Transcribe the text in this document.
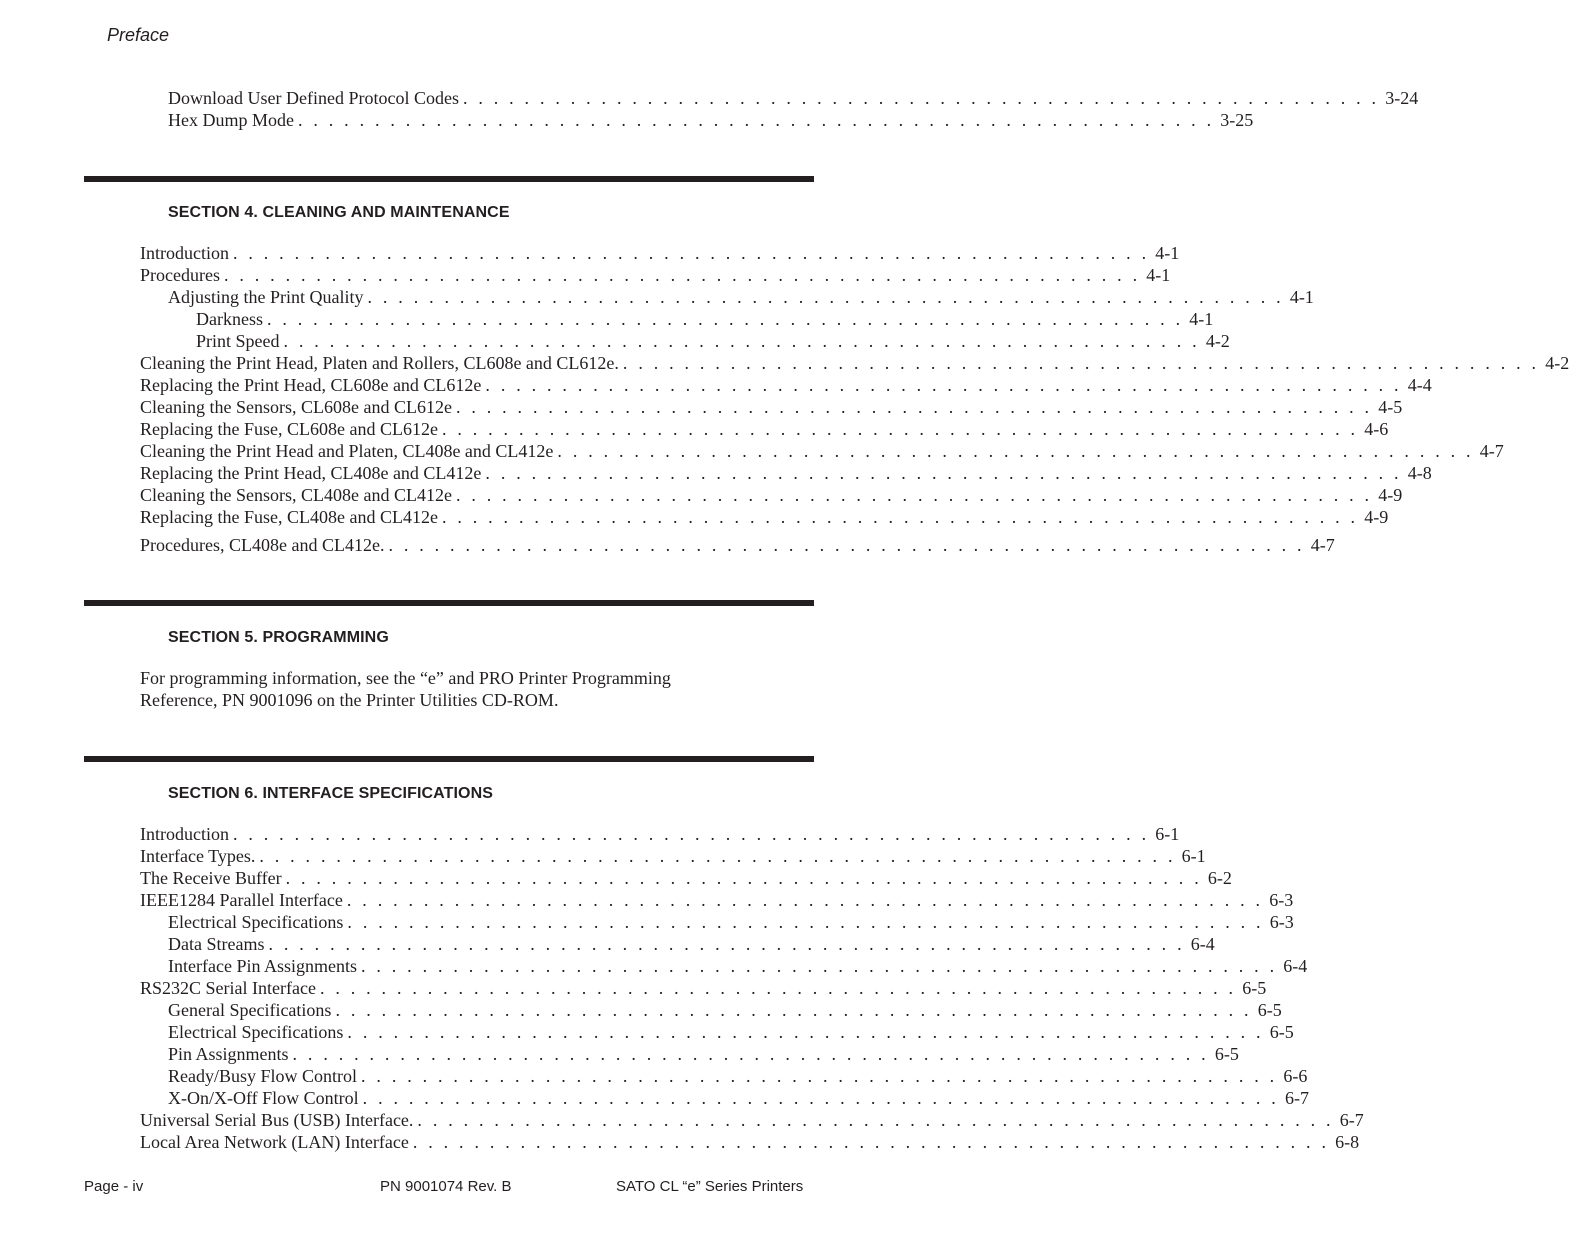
Preface
Download User Defined Protocol Codes . . . . . . . . . . . . . . . . . . . . . . . . . . . . . . . . . . . . . . . . . . . . . . . . . . . . . . . . . . . . 3-24
Hex Dump Mode . . . . . . . . . . . . . . . . . . . . . . . . . . . . . . . . . . . . . . . . . . . . . . . . . . . . . . . . . . . . 3-25
SECTION 4. CLEANING AND MAINTENANCE
Introduction . . . . . . . . . . . . . . . . . . . . . . . . . . . . . . . . . . . . . . . . . . . . . . . . . . . . . . . . . . . . 4-1
Procedures . . . . . . . . . . . . . . . . . . . . . . . . . . . . . . . . . . . . . . . . . . . . . . . . . . . . . . . . . . . . 4-1
Adjusting the Print Quality . . . . . . . . . . . . . . . . . . . . . . . . . . . . . . . . . . . . . . . . . . . . . . . . . . . . . . . . . . . . 4-1
Darkness . . . . . . . . . . . . . . . . . . . . . . . . . . . . . . . . . . . . . . . . . . . . . . . . . . . . . . . . . . . . 4-1
Print Speed . . . . . . . . . . . . . . . . . . . . . . . . . . . . . . . . . . . . . . . . . . . . . . . . . . . . . . . . . . . . 4-2
Cleaning the Print Head, Platen and Rollers, CL608e and CL612e. . . . . . . . . . . . . . . . . . . . . . . . . . . . . . . . . . . . . . . . . . . . . . . . . . . . . . . . . . . . . 4-2
Replacing the Print Head, CL608e and CL612e . . . . . . . . . . . . . . . . . . . . . . . . . . . . . . . . . . . . . . . . . . . . . . . . . . . . . . . . . . . . 4-4
Cleaning the Sensors, CL608e and CL612e . . . . . . . . . . . . . . . . . . . . . . . . . . . . . . . . . . . . . . . . . . . . . . . . . . . . . . . . . . . . 4-5
Replacing the Fuse, CL608e and CL612e . . . . . . . . . . . . . . . . . . . . . . . . . . . . . . . . . . . . . . . . . . . . . . . . . . . . . . . . . . . . 4-6
Cleaning the Print Head and Platen, CL408e and CL412e . . . . . . . . . . . . . . . . . . . . . . . . . . . . . . . . . . . . . . . . . . . . . . . . . . . . . . . . . . . . 4-7
Replacing the Print Head, CL408e and CL412e . . . . . . . . . . . . . . . . . . . . . . . . . . . . . . . . . . . . . . . . . . . . . . . . . . . . . . . . . . . . 4-8
Cleaning the Sensors, CL408e and CL412e . . . . . . . . . . . . . . . . . . . . . . . . . . . . . . . . . . . . . . . . . . . . . . . . . . . . . . . . . . . . 4-9
Replacing the Fuse, CL408e and CL412e . . . . . . . . . . . . . . . . . . . . . . . . . . . . . . . . . . . . . . . . . . . . . . . . . . . . . . . . . . . . 4-9
Procedures, CL408e and CL412e. . . . . . . . . . . . . . . . . . . . . . . . . . . . . . . . . . . . . . . . . . . . . . . . . . . . . . . . . . . . . 4-7
SECTION 5. PROGRAMMING
For programming information, see the “e” and PRO Printer Programming
Reference, PN 9001096 on the Printer Utilities CD-ROM.
SECTION 6. INTERFACE SPECIFICATIONS
Introduction . . . . . . . . . . . . . . . . . . . . . . . . . . . . . . . . . . . . . . . . . . . . . . . . . . . . . . . . . . . . 6-1
Interface Types. . . . . . . . . . . . . . . . . . . . . . . . . . . . . . . . . . . . . . . . . . . . . . . . . . . . . . . . . . . . . 6-1
The Receive Buffer . . . . . . . . . . . . . . . . . . . . . . . . . . . . . . . . . . . . . . . . . . . . . . . . . . . . . . . . . . . . 6-2
IEEE1284 Parallel Interface . . . . . . . . . . . . . . . . . . . . . . . . . . . . . . . . . . . . . . . . . . . . . . . . . . . . . . . . . . . . 6-3
Electrical Specifications . . . . . . . . . . . . . . . . . . . . . . . . . . . . . . . . . . . . . . . . . . . . . . . . . . . . . . . . . . . . 6-3
Data Streams . . . . . . . . . . . . . . . . . . . . . . . . . . . . . . . . . . . . . . . . . . . . . . . . . . . . . . . . . . . . 6-4
Interface Pin Assignments . . . . . . . . . . . . . . . . . . . . . . . . . . . . . . . . . . . . . . . . . . . . . . . . . . . . . . . . . . . . 6-4
RS232C Serial Interface . . . . . . . . . . . . . . . . . . . . . . . . . . . . . . . . . . . . . . . . . . . . . . . . . . . . . . . . . . . . 6-5
General Specifications . . . . . . . . . . . . . . . . . . . . . . . . . . . . . . . . . . . . . . . . . . . . . . . . . . . . . . . . . . . . 6-5
Electrical Specifications . . . . . . . . . . . . . . . . . . . . . . . . . . . . . . . . . . . . . . . . . . . . . . . . . . . . . . . . . . . . 6-5
Pin Assignments . . . . . . . . . . . . . . . . . . . . . . . . . . . . . . . . . . . . . . . . . . . . . . . . . . . . . . . . . . . . 6-5
Ready/Busy Flow Control . . . . . . . . . . . . . . . . . . . . . . . . . . . . . . . . . . . . . . . . . . . . . . . . . . . . . . . . . . . . 6-6
X-On/X-Off Flow Control . . . . . . . . . . . . . . . . . . . . . . . . . . . . . . . . . . . . . . . . . . . . . . . . . . . . . . . . . . . . 6-7
Universal Serial Bus (USB) Interface. . . . . . . . . . . . . . . . . . . . . . . . . . . . . . . . . . . . . . . . . . . . . . . . . . . . . . . . . . . . . 6-7
Local Area Network (LAN) Interface . . . . . . . . . . . . . . . . . . . . . . . . . . . . . . . . . . . . . . . . . . . . . . . . . . . . . . . . . . . . 6-8
Page - iv	PN 9001074 Rev. B	SATO CL “e” Series Printers
